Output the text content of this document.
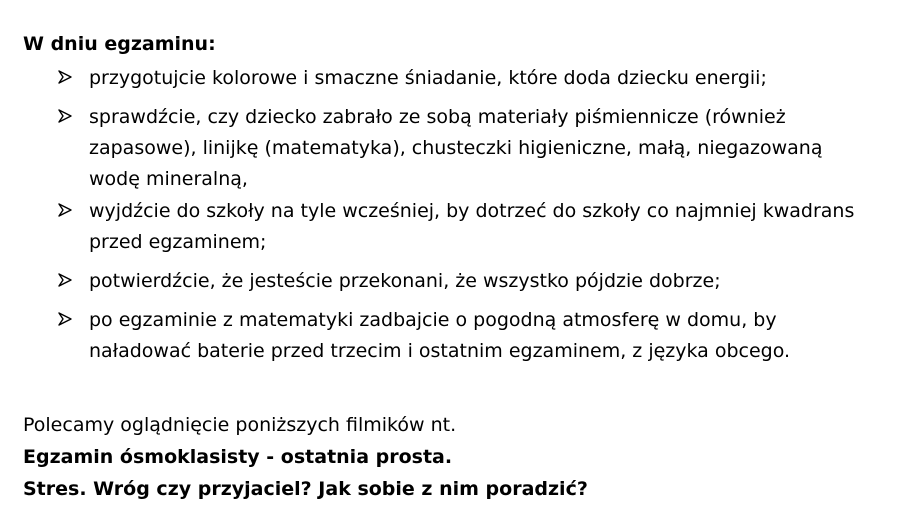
W dniu egzaminu:
przygotujcie kolorowe i smaczne śniadanie, które doda dziecku energii;
sprawdźcie, czy dziecko zabrało ze sobą materiały piśmiennicze (również zapasowe), linijkę (matematyka), chusteczki higieniczne, małą, niegazowaną wodę mineralną,
wyjdźcie do szkoły na tyle wcześniej, by dotrzeć do szkoły co najmniej kwadrans przed egzaminem;
potwierdźcie, że jesteście przekonani, że wszystko pójdzie dobrze;
po egzaminie z matematyki zadbajcie o pogodną atmosferę w domu, by naładować baterie przed trzecim i ostatnim egzaminem, z języka obcego.
Polecamy oglądnięcie poniższych filmików nt.
Egzamin ósmoklasisty - ostatnia prosta.
Stres. Wróg czy przyjaciel? Jak sobie z nim poradzić?
